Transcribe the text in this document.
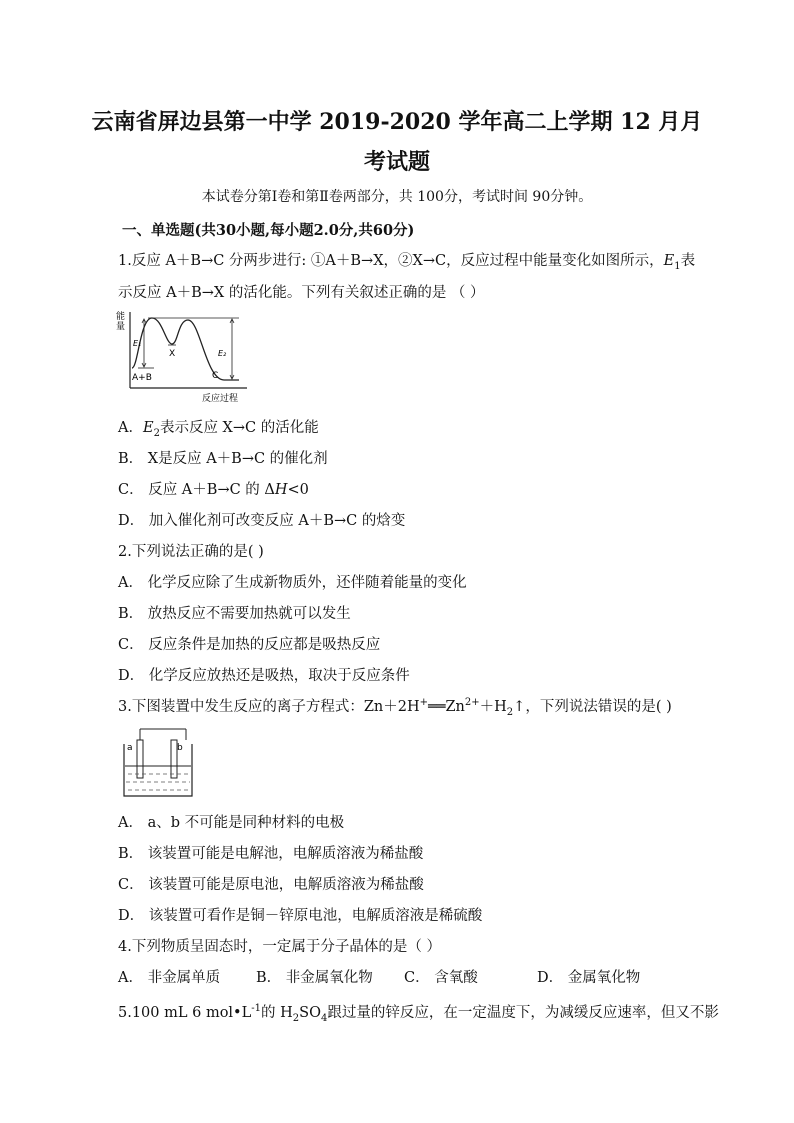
云南省屏边县第一中学 2019-2020 学年高二上学期 12 月月
考试题
本试卷分第Ⅰ卷和第Ⅱ卷两部分，共 100分，考试时间 90分钟。
一、单选题(共30小题,每小题2.0分,共60分)
1.反应 A＋B→C 分两步进行: ①A＋B→X，②X→C，反应过程中能量变化如图所示，$E_1$表
示反应 A＋B→X 的活化能。下列有关叙述正确的是 （ ）
能
量
E₁
X	E₂
A+B	C
反应过程
A．$E_2$表示反应 X→C 的活化能
B． X是反应 A＋B→C 的催化剂
C． 反应 A＋B→C 的 ΔH<0
D． 加入催化剂可改变反应 A＋B→C 的焓变
2.下列说法正确的是( )
A． 化学反应除了生成新物质外，还伴随着能量的变化
B． 放热反应不需要加热就可以发生
C． 反应条件是加热的反应都是吸热反应
D． 化学反应放热还是吸热，取决于反应条件
3.下图装置中发生反应的离子方程式：$Zn+2H^+══Zn^{2+}+H_2↑$，下列说法错误的是( )
a	b
A． a、b 不可能是同种材料的电极
B． 该装置可能是电解池，电解质溶液为稀盐酸
C． 该装置可能是原电池，电解质溶液为稀盐酸
D． 该装置可看作是铜－锌原电池，电解质溶液是稀硫酸
4.下列物质呈固态时，一定属于分子晶体的是（ ）
A． 非金属单质 B． 非金属氧化物 C． 含氧酸	D． 金属氧化物
5.100 mL 6 $mol•L^{-1}$的 $H_2SO_4$跟过量的锌反应，在一定温度下，为减缓反应速率，但又不影
